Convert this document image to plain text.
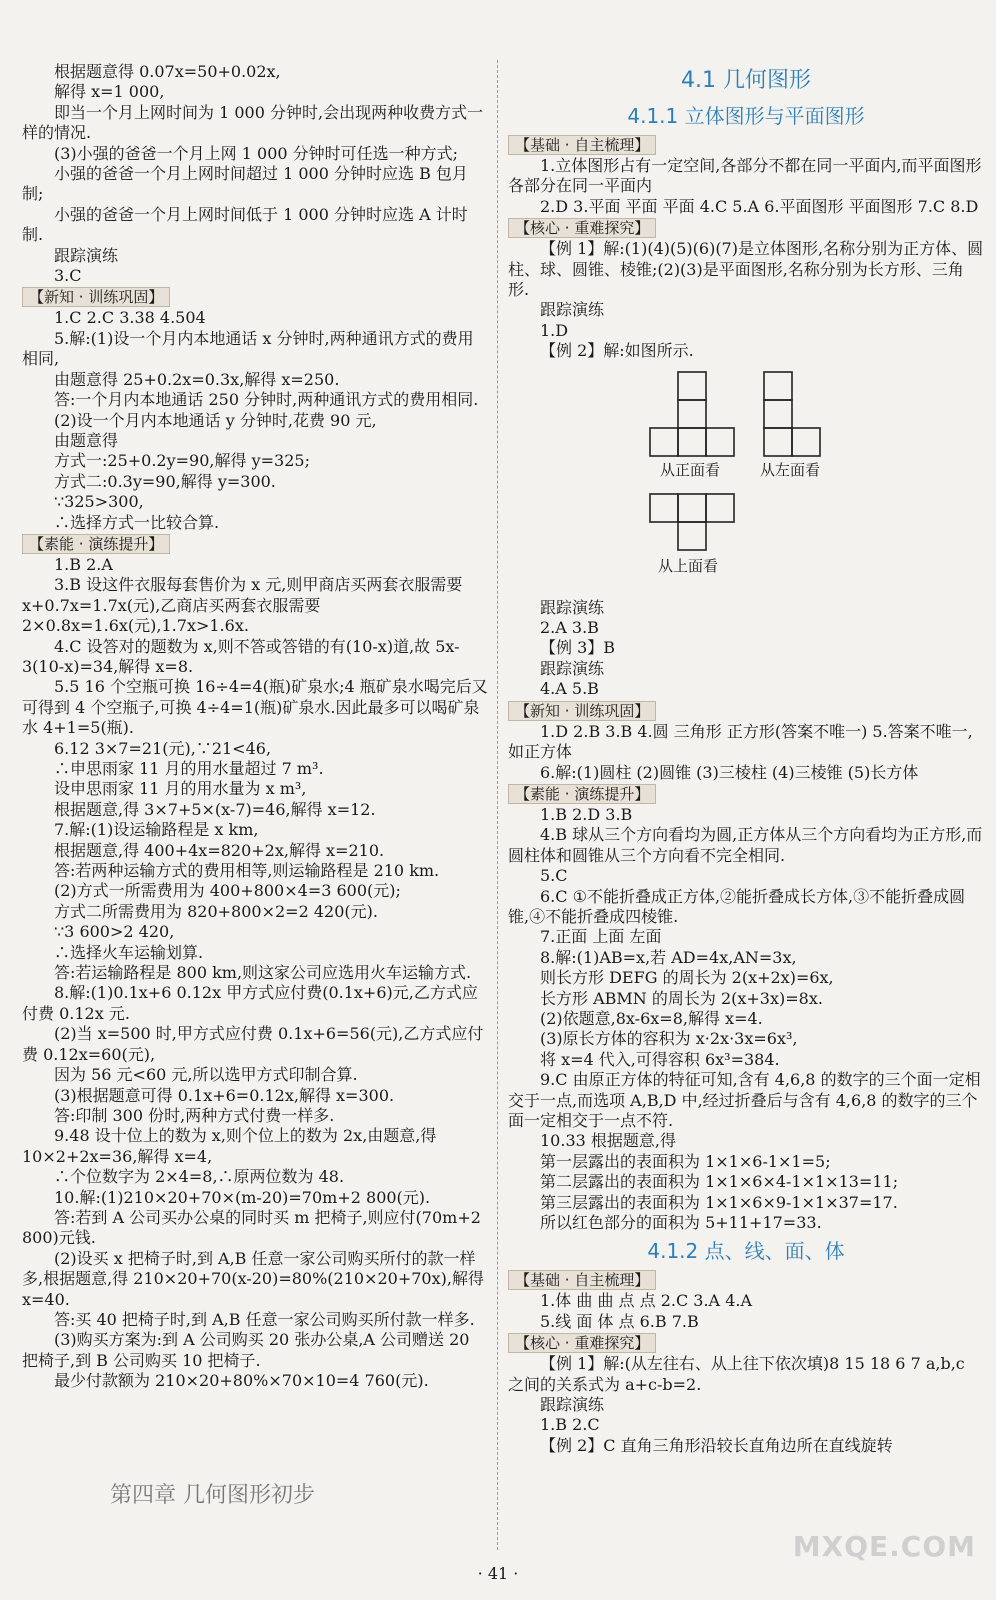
根据题意得 0.07x=50+0.02x,
解得 x=1 000,
即当一个月上网时间为 1 000 分钟时,会出现两种收费方式一样的情况.
(3)小强的爸爸一个月上网 1 000 分钟时可任选一种方式;
小强的爸爸一个月上网时间超过 1 000 分钟时应选 B 包月制;
小强的爸爸一个月上网时间低于 1 000 分钟时应选 A 计时制.
跟踪演练
3.C
【 新知 · 训练巩固 】
1.C 2.C 3.38 4.504
5.解:(1)设一个月内本地通话 x 分钟时,两种通讯方式的费用相同,
由题意得 25+0.2x=0.3x,解得 x=250.
答:一个月内本地通话 250 分钟时,两种通讯方式的费用相同.
(2)设一个月内本地通话 y 分钟时,花费 90 元,
由题意得
方式一:25+0.2y=90,解得 y=325;
方式二:0.3y=90,解得 y=300.
∵325>300,
∴选择方式一比较合算.
【 素能 · 演练提升 】
1.B 2.A
3.B 设这件衣服每套售价为 x 元,则甲商店买两套衣服需要 x+0.7x=1.7x(元),乙商店买两套衣服需要 2×0.8x=1.6x(元),1.7x>1.6x.
4.C 设答对的题数为 x,则不答或答错的有(10-x)道,故 5x-3(10-x)=34,解得 x=8.
5.5 16 个空瓶可换 16÷4=4(瓶)矿泉水;4 瓶矿泉水喝完后又可得到 4 个空瓶子,可换 4÷4=1(瓶)矿泉水.因此最多可以喝矿泉水 4+1=5(瓶).
6.12 3×7=21(元),∵21<46,
∴申思雨家 11 月的用水量超过 7 m³.
设申思雨家 11 月的用水量为 x m³,
根据题意,得 3×7+5×(x-7)=46,解得 x=12.
7.解:(1)设运输路程是 x km,
根据题意,得 400+4x=820+2x,解得 x=210.
答:若两种运输方式的费用相等,则运输路程是 210 km.
(2)方式一所需费用为 400+800×4=3 600(元);
方式二所需费用为 820+800×2=2 420(元).
∵3 600>2 420,
∴选择火车运输划算.
答:若运输路程是 800 km,则这家公司应选用火车运输方式.
8.解:(1)0.1x+6 0.12x 甲方式应付费(0.1x+6)元,乙方式应付费 0.12x 元.
(2)当 x=500 时,甲方式应付费 0.1x+6=56(元),乙方式应付费 0.12x=60(元),
因为 56 元<60 元,所以选甲方式印制合算.
(3)根据题意可得 0.1x+6=0.12x,解得 x=300.
答:印制 300 份时,两种方式付费一样多.
9.48 设十位上的数为 x,则个位上的数为 2x,由题意,得 10×2+2x=36,解得 x=4,
∴个位数字为 2×4=8,∴原两位数为 48.
10.解:(1)210×20+70×(m-20)=70m+2 800(元).
答:若到 A 公司买办公桌的同时买 m 把椅子,则应付(70m+2 800)元钱.
(2)设买 x 把椅子时,到 A,B 任意一家公司购买所付的款一样多,根据题意,得 210×20+70(x-20)=80%(210×20+70x),解得 x=40.
答:买 40 把椅子时,到 A,B 任意一家公司购买所付款一样多.
(3)购买方案为:到 A 公司购买 20 张办公桌,A 公司赠送 20 把椅子,到 B 公司购买 10 把椅子.
最少付款额为 210×20+80%×70×10=4 760(元).
4.1 几何图形
4.1.1 立体图形与平面图形
【 基础 · 自主梳理 】
1.立体图形占有一定空间,各部分不都在同一平面内,而平面图形各部分在同一平面内
2.D 3.平面 平面 平面 4.C 5.A 6.平面图形 平面图形 7.C 8.D
【 核心 · 重难探究 】
【例 1】解:(1)(4)(5)(6)(7)是立体图形,名称分别为正方体、圆柱、球、圆锥、棱锥;(2)(3)是平面图形,名称分别为长方形、三角形.
跟踪演练
1.D
【例 2】解:如图所示.
从正面看	从左面看
从上面看
跟踪演练
2.A 3.B
【例 3】B
跟踪演练
4.A 5.B
【 新知 · 训练巩固 】
1.D 2.B 3.B 4.圆 三角形 正方形(答案不唯一) 5.答案不唯一,如正方体
6.解:(1)圆柱 (2)圆锥 (3)三棱柱 (4)三棱锥 (5)长方体
【 素能 · 演练提升 】
1.B 2.D 3.B
4.B 球从三个方向看均为圆,正方体从三个方向看均为正方形,而圆柱体和圆锥从三个方向看不完全相同.
5.C
6.C ①不能折叠成正方体,②能折叠成长方体,③不能折叠成圆锥,④不能折叠成四棱锥.
7.正面 上面 左面
8.解:(1)AB=x,若 AD=4x,AN=3x,
则长方形 DEFG 的周长为 2(x+2x)=6x,
长方形 ABMN 的周长为 2(x+3x)=8x.
(2)依题意,8x-6x=8,解得 x=4.
(3)原长方体的容积为 x·2x·3x=6x³,
将 x=4 代入,可得容积 6x³=384.
9.C 由原正方体的特征可知,含有 4,6,8 的数字的三个面一定相交于一点,而选项 A,B,D 中,经过折叠后与含有 4,6,8 的数字的三个面一定相交于一点不符.
10.33 根据题意,得
第一层露出的表面积为 1×1×6-1×1=5;
第二层露出的表面积为 1×1×6×4-1×1×13=11;
第三层露出的表面积为 1×1×6×9-1×1×37=17.
所以红色部分的面积为 5+11+17=33.
4.1.2 点、线、面、体
【 基础 · 自主梳理 】
1.体 曲 曲 点 点 2.C 3.A 4.A
5.线 面 体 点 6.B 7.B
【 核心 · 重难探究 】
【例 1】解:(从左往右、从上往下依次填)8 15 18 6 7 a,b,c 之间的关系式为 a+c-b=2.
跟踪演练
1.B 2.C
【例 2】C 直角三角形沿较长直角边所在直线旋转
第四章 几何图形初步
MXQE.COM
· 41 ·
